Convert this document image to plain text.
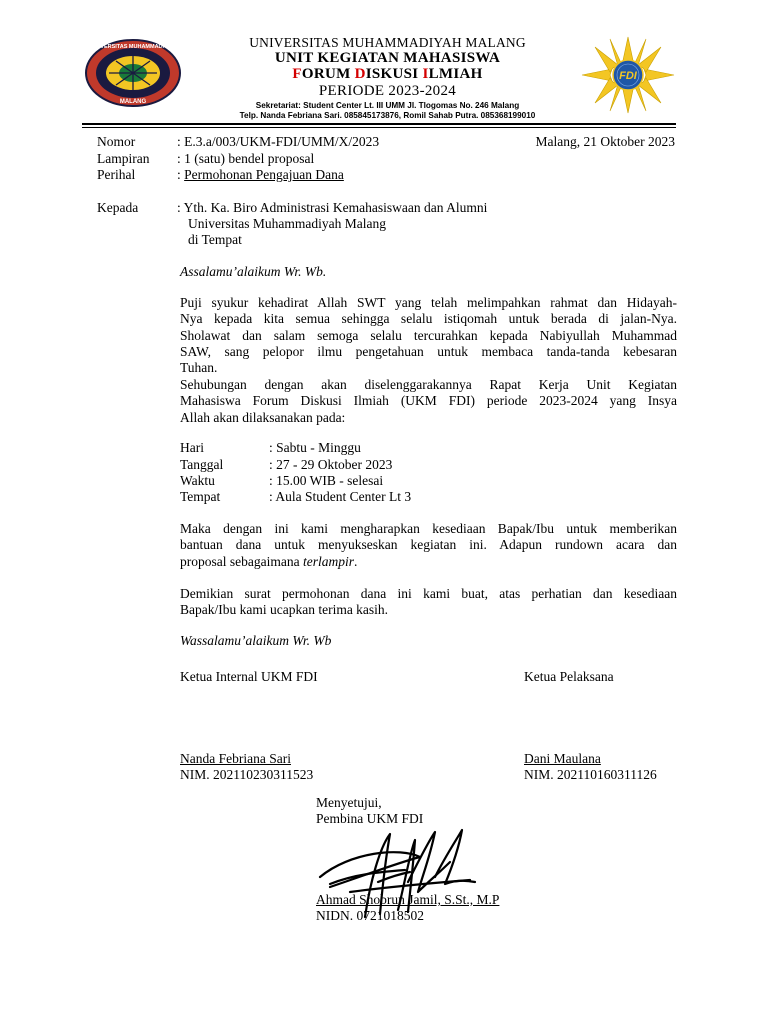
UNIVERSITAS MUHAMMADIYAH
MALANG
FDI
UNIVERSITAS MUHAMMADIYAH MALANG
UNIT KEGIATAN MAHASISWA
FORUM DISKUSI ILMIAH
PERIODE 2023-2024
Sekretariat: Student Center Lt. III UMM Jl. Tlogomas No. 246 Malang
Telp. Nanda Febriana Sari. 085845173876, Romil Sahab Putra. 085368199010
Nomor	: E.3.a/003/UKM-FDI/UMM/X/2023	Malang, 21 Oktober 2023
Lampiran : 1 (satu) bendel proposal
Perihal	: Permohonan Pengajuan Dana
Kepada	: Yth. Ka. Biro Administrasi Kemahasiswaan dan Alumni
Universitas Muhammadiyah Malang
di Tempat
Assalamu’alaikum Wr. Wb.
Puji syukur kehadirat Allah SWT yang telah melimpahkan rahmat dan Hidayah-
Nya kepada kita semua sehingga selalu istiqomah untuk berada di jalan-Nya.
Sholawat dan salam semoga selalu tercurahkan kepada Nabiyullah Muhammad
SAW, sang pelopor ilmu pengetahuan untuk membaca tanda-tanda kebesaran
Tuhan.
Sehubungan dengan akan diselenggarakannya Rapat Kerja Unit Kegiatan
Mahasiswa Forum Diskusi Ilmiah (UKM FDI) periode 2023-2024 yang Insya
Allah akan dilaksanakan pada:
Hari	: Sabtu - Minggu
Tanggal	: 27 - 29 Oktober 2023
Waktu	: 15.00 WIB - selesai
Tempat	: Aula Student Center Lt 3
Maka dengan ini kami mengharapkan kesediaan Bapak/Ibu untuk memberikan
bantuan dana untuk menyukseskan kegiatan ini. Adapun rundown acara dan
proposal sebagaimana terlampir.
Demikian surat permohonan dana ini kami buat, atas perhatian dan kesediaan
Bapak/Ibu kami ucapkan terima kasih.
Wassalamu’alaikum Wr. Wb
Ketua Internal UKM FDI	Ketua Pelaksana
Nanda Febriana Sari
NIM. 202110230311523
Dani Maulana
NIM. 202110160311126
Menyetujui,
Pembina UKM FDI
Ahmad Shobrun Jamil, S.St., M.P
NIDN. 0721018502
